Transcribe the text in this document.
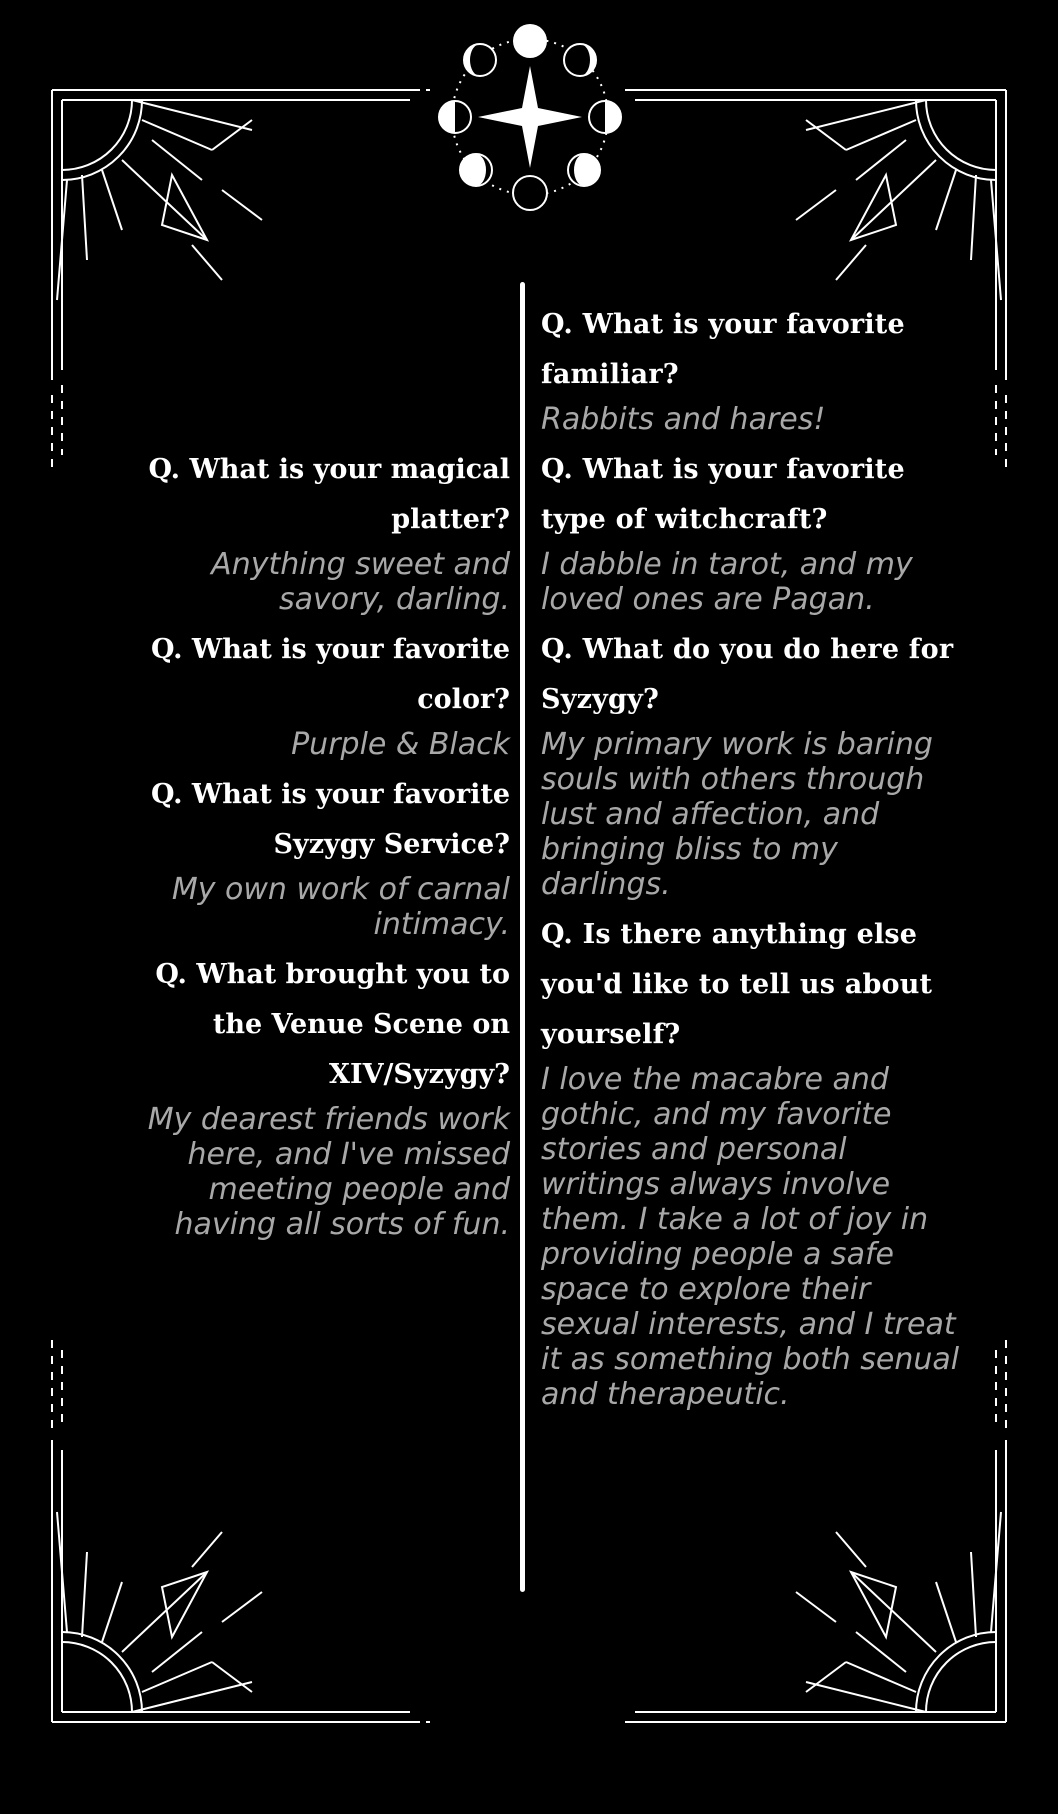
Q. What is your magical platter?

Anything sweet and savory, darling.

Q. What is your favorite color?

Purple & Black

Q. What is your favorite Syzygy Service?

My own work of carnal intimacy.

Q. What brought you to the Venue Scene on XIV/Syzygy?

My dearest friends work here, and I've missed meeting people and having all sorts of fun.

Q. What is your favorite familiar?

Rabbits and hares!

Q. What is your favorite type of witchcraft?

I dabble in tarot, and my loved ones are Pagan.

Q. What do you do here for Syzygy?

My primary work is baring souls with others through lust and affection, and bringing bliss to my darlings.

Q. Is there anything else you'd like to tell us about yourself?

I love the macabre and gothic, and my favorite stories and personal writings always involve them. I take a lot of joy in providing people a safe space to explore their sexual interests, and I treat it as something both senual and therapeutic.
